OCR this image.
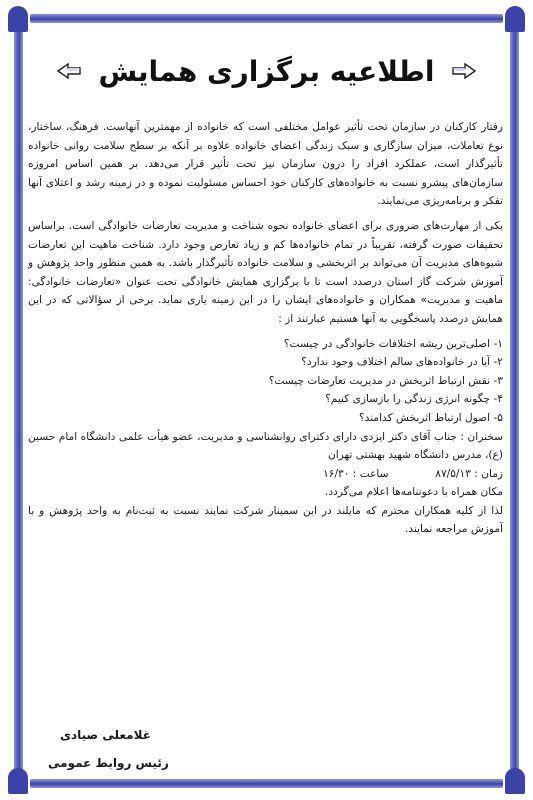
اطلاعیه برگزاری همایش

رفتار کارکنان در سازمان تحت تأثیر عوامل مختلفی است که خانواده از مهمترین آنهاست. فرهنگ، ساختار، نوع تعاملات، میزان سازگاری و سبک زندگی اعضای خانواده علاوه بر آنکه بر سطح سلامت روانی خانواده تأثیرگذار است، عملکرد افراد را درون سازمان نیز تحت تأثیر قرار می‌دهد. بر همین اساس امروزه سازمان‌های پیشرو نسبت به خانواده‌های کارکنان خود احساس مسئولیت نموده و در زمینه رشد و اعتلای آنها تفکر و برنامه‌ریزی می‌نمایند.

یکی از مهارت‌های ضروری برای اعضای خانواده نحوه شناخت و مدیریت تعارضات خانوادگی است. براساس تحقیقات صورت گرفته، تقریباً در تمام خانواده‌ها کم و زیاد تعارض وجود دارد. شناخت ماهیت این تعارضات شیوه‌های مدیریت آن می‌تواند بر اثربخشی و سلامت خانواده تأثیرگذار باشد. به همین منظور واحد پژوهش و آموزش شرکت گاز استان درصدد است تا با برگزاری همایش خانوادگی تحت عنوان «تعارضات خانوادگی: ماهیت و مدیریت» همکاران و خانواده‌های ایشان را در این زمینه یاری نماید. برخی از سؤالاتی که در این همایش درصدد پاسخگویی به آنها هستیم عبارتند از :

۱- اصلی‌ترین ریشه اختلافات خانوادگی در چیست؟
۲- آیا در خانواده‌های سالم اختلاف وجود ندارد؟
۳- نقش ارتباط اثربخش در مدیریت تعارضات چیست؟
۴- چگونه انرژی زندگی را بازسازی کنیم؟
۵- اصول ارتباط اثربخش کدامند؟
سخنران : جناب آقای دکتر ایزدی دارای دکترای روانشناسی و مدیریت، عضو هیأت علمی دانشگاه امام حسین (ع)، مدرس دانشگاه شهید بهشتی تهران
زمان : ۸۷/۵/۱۳  ساعت : ۱۶/۳۰
مکان همراه با دعوتنامه‌ها اعلام می‌گردد.
لذا از کلیه همکاران محترم که مایلند در این سمینار شرکت نمایند نسبت به ثبت‌نام به واحد پژوهش و با آموزش مراجعه نمایند.
غلامعلی صیادی
رئیس روابط عمومی
